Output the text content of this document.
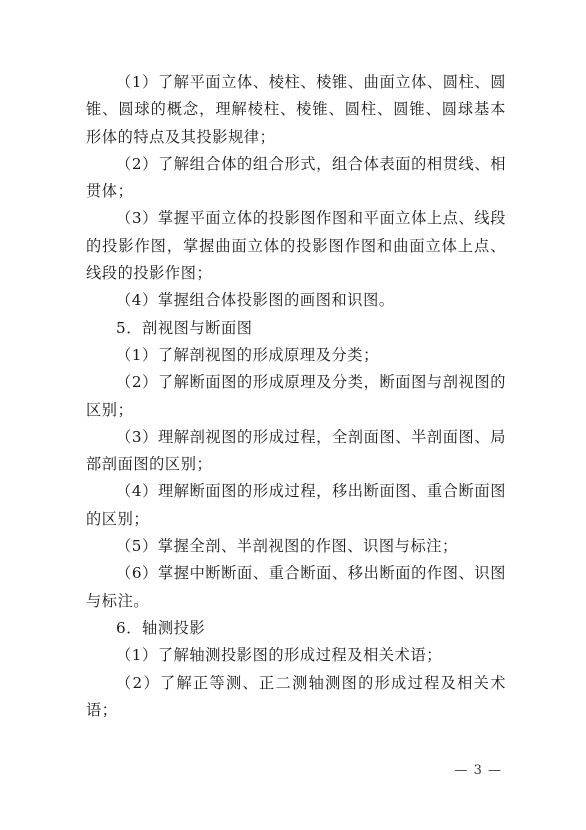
（1）了解平面立体、棱柱、棱锥、曲面立体、圆柱、圆锥、圆球的概念，理解棱柱、棱锥、圆柱、圆锥、圆球基本形体的特点及其投影规律；

（2）了解组合体的组合形式，组合体表面的相贯线、相贯体；

（3）掌握平面立体的投影图作图和平面立体上点、线段的投影作图，掌握曲面立体的投影图作图和曲面立体上点、线段的投影作图；

（4）掌握组合体投影图的画图和识图。

5．剖视图与断面图

（1）了解剖视图的形成原理及分类；

（2）了解断面图的形成原理及分类，断面图与剖视图的区别；

（3）理解剖视图的形成过程，全剖面图、半剖面图、局部剖面图的区别；

（4）理解断面图的形成过程，移出断面图、重合断面图的区别；

（5）掌握全剖、半剖视图的作图、识图与标注；

（6）掌握中断断面、重合断面、移出断面的作图、识图与标注。

6．轴测投影

（1）了解轴测投影图的形成过程及相关术语；

（2）了解正等测、正二测轴测图的形成过程及相关术语；

— 3 —
